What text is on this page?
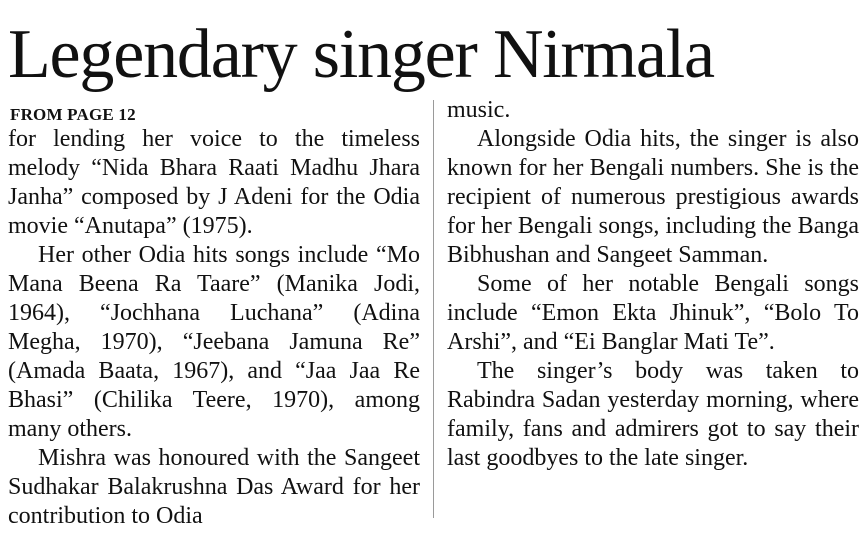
Legendary singer Nirmala
FROM PAGE 12

for lending her voice to the timeless melody “Nida Bhara Raati Madhu Jhara Janha” composed by J Adeni for the Odia movie “Anutapa” (1975).

Her other Odia hits songs include “Mo Mana Beena Ra Taare” (Manika Jodi, 1964), “Jochhana Luchana” (Adina Megha, 1970), “Jeebana Jamuna Re” (Amada Baata, 1967), and “Jaa Jaa Re Bhasi” (Chilika Teere, 1970), among many others.

Mishra was honoured with the Sangeet Sudhakar Balakrushna Das Award for her contribution to Odia

music.

Alongside Odia hits, the singer is also known for her Bengali numbers. She is the recipient of numerous prestigious awards for her Bengali songs, including the Banga Bibhushan and Sangeet Samman.

Some of her notable Bengali songs include “Emon Ekta Jhinuk”, “Bolo To Arshi”, and “Ei Banglar Mati Te”.

The singer’s body was taken to Rabindra Sadan yesterday morning, where family, fans and admirers got to say their last goodbyes to the late singer.
